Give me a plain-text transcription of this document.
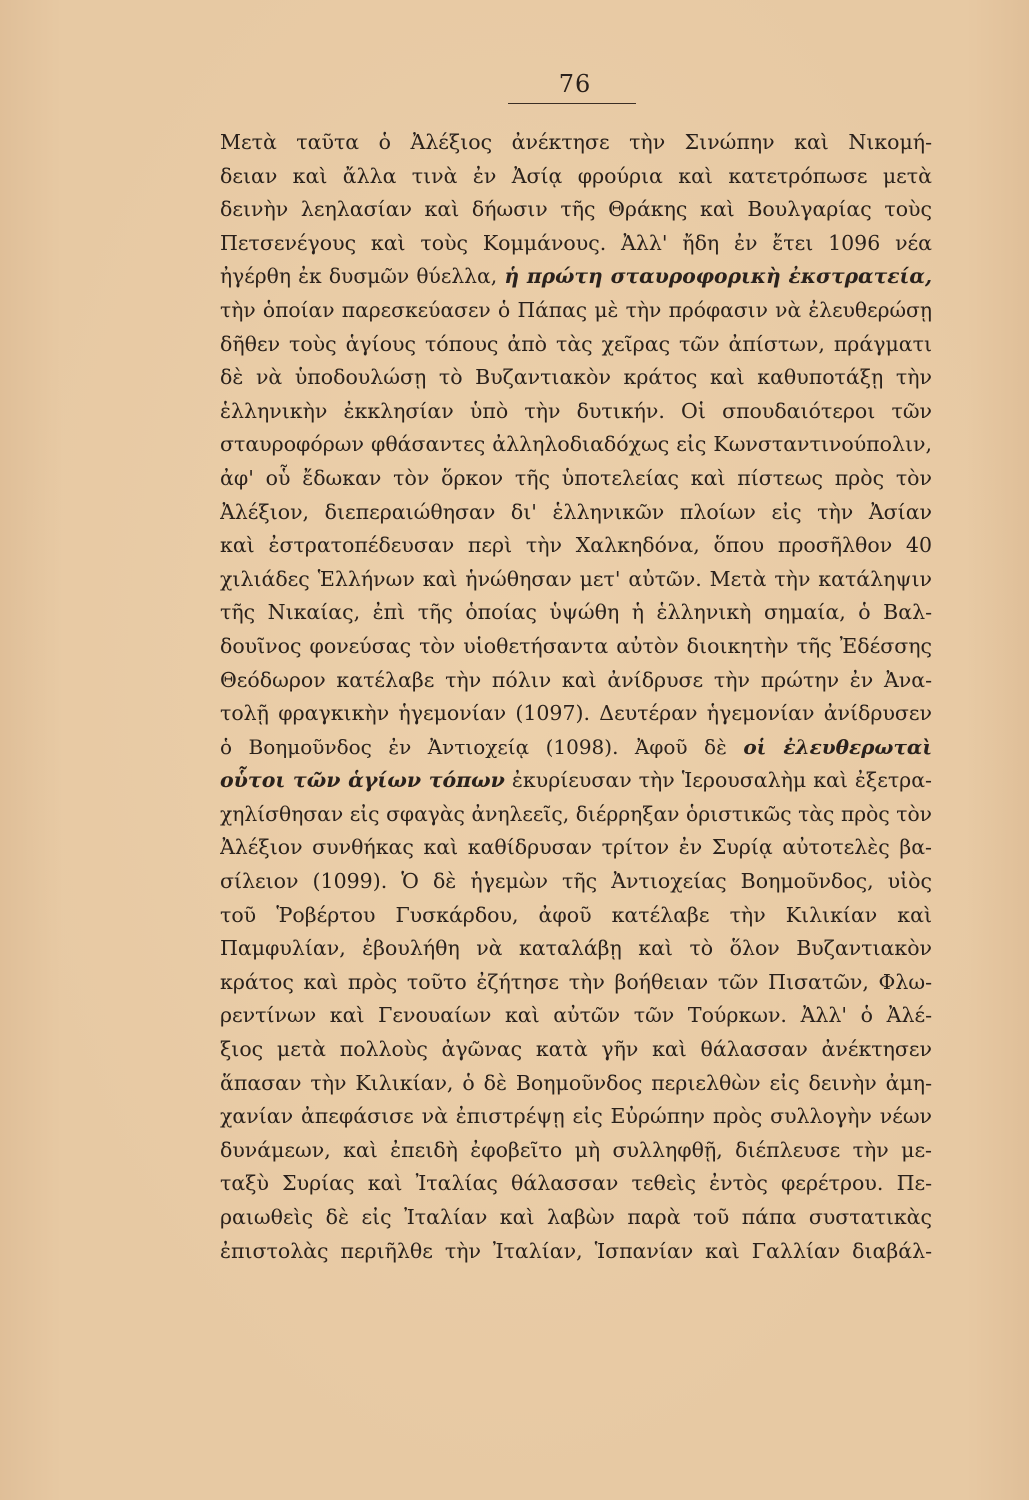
76
Μετὰ ταῦτα ὁ Ἀλέξιος ἀνέκτησε τὴν Σινώπην καὶ Νικομή-
δειαν καὶ ἄλλα τινὰ ἐν Ἀσίᾳ φρούρια καὶ κατετρόπωσε μετὰ
δεινὴν λεηλασίαν καὶ δήωσιν τῆς Θράκης καὶ Βουλγαρίας τοὺς
Πετσενέγους καὶ τοὺς Κομμάνους. Ἀλλ' ἤδη ἐν ἔτει 1096 νέα
ἠγέρθη ἐκ δυσμῶν θύελλα, ἡ πρώτη σταυροφορικὴ ἐκστρατεία,
τὴν ὁποίαν παρεσκεύασεν ὁ Πάπας μὲ τὴν πρόφασιν νὰ ἐλευθερώσῃ
δῆθεν τοὺς ἁγίους τόπους ἀπὸ τὰς χεῖρας τῶν ἀπίστων, πράγματι
δὲ νὰ ὑποδουλώσῃ τὸ Βυζαντιακὸν κράτος καὶ καθυποτάξῃ τὴν
ἑλληνικὴν ἐκκλησίαν ὑπὸ τὴν δυτικήν. Οἱ σπουδαιότεροι τῶν
σταυροφόρων φθάσαντες ἀλληλοδιαδόχως εἰς Κωνσταντινούπολιν,
ἀφ' οὗ ἔδωκαν τὸν ὅρκον τῆς ὑποτελείας καὶ πίστεως πρὸς τὸν
Ἀλέξιον, διεπεραιώθησαν δι' ἑλληνικῶν πλοίων εἰς τὴν Ἀσίαν
καὶ ἐστρατοπέδευσαν περὶ τὴν Χαλκηδόνα, ὅπου προσῆλθον 40
χιλιάδες Ἑλλήνων καὶ ἡνώθησαν μετ' αὐτῶν. Μετὰ τὴν κατάληψιν
τῆς Νικαίας, ἐπὶ τῆς ὁποίας ὑψώθη ἡ ἑλληνικὴ σημαία, ὁ Βαλ-
δουῖνος φονεύσας τὸν υἱοθετήσαντα αὐτὸν διοικητὴν τῆς Ἐδέσσης
Θεόδωρον κατέλαβε τὴν πόλιν καὶ ἀνίδρυσε τὴν πρώτην ἐν Ἀνα-
τολῇ φραγκικὴν ἡγεμονίαν (1097). Δευτέραν ἡγεμονίαν ἀνίδρυσεν
ὁ Βοημοῦνδος ἐν Ἀντιοχείᾳ (1098). Ἀφοῦ δὲ οἱ ἐλευθερωταὶ
οὗτοι τῶν ἁγίων τόπων ἐκυρίευσαν τὴν Ἱερουσαλὴμ καὶ ἐξετρα-
χηλίσθησαν εἰς σφαγὰς ἀνηλεεῖς, διέρρηξαν ὁριστικῶς τὰς πρὸς τὸν
Ἀλέξιον συνθήκας καὶ καθίδρυσαν τρίτον ἐν Συρίᾳ αὐτοτελὲς βα-
σίλειον (1099). Ὁ δὲ ἡγεμὼν τῆς Ἀντιοχείας Βοημοῦνδος, υἱὸς
τοῦ Ῥοβέρτου Γυσκάρδου, ἀφοῦ κατέλαβε τὴν Κιλικίαν καὶ
Παμφυλίαν, ἐβουλήθη νὰ καταλάβῃ καὶ τὸ ὅλον Βυζαντιακὸν
κράτος καὶ πρὸς τοῦτο ἐζήτησε τὴν βοήθειαν τῶν Πισατῶν, Φλω-
ρεντίνων καὶ Γενουαίων καὶ αὐτῶν τῶν Τούρκων. Ἀλλ' ὁ Ἀλέ-
ξιος μετὰ πολλοὺς ἀγῶνας κατὰ γῆν καὶ θάλασσαν ἀνέκτησεν
ἅπασαν τὴν Κιλικίαν, ὁ δὲ Βοημοῦνδος περιελθὼν εἰς δεινὴν ἀμη-
χανίαν ἀπεφάσισε νὰ ἐπιστρέψῃ εἰς Εὐρώπην πρὸς συλλογὴν νέων
δυνάμεων, καὶ ἐπειδὴ ἐφοβεῖτο μὴ συλληφθῇ, διέπλευσε τὴν με-
ταξὺ Συρίας καὶ Ἰταλίας θάλασσαν τεθεὶς ἐντὸς φερέτρου. Πε-
ραιωθεὶς δὲ εἰς Ἰταλίαν καὶ λαβὼν παρὰ τοῦ πάπα συστατικὰς
ἐπιστολὰς περιῆλθε τὴν Ἰταλίαν, Ἱσπανίαν καὶ Γαλλίαν διαβάλ-
